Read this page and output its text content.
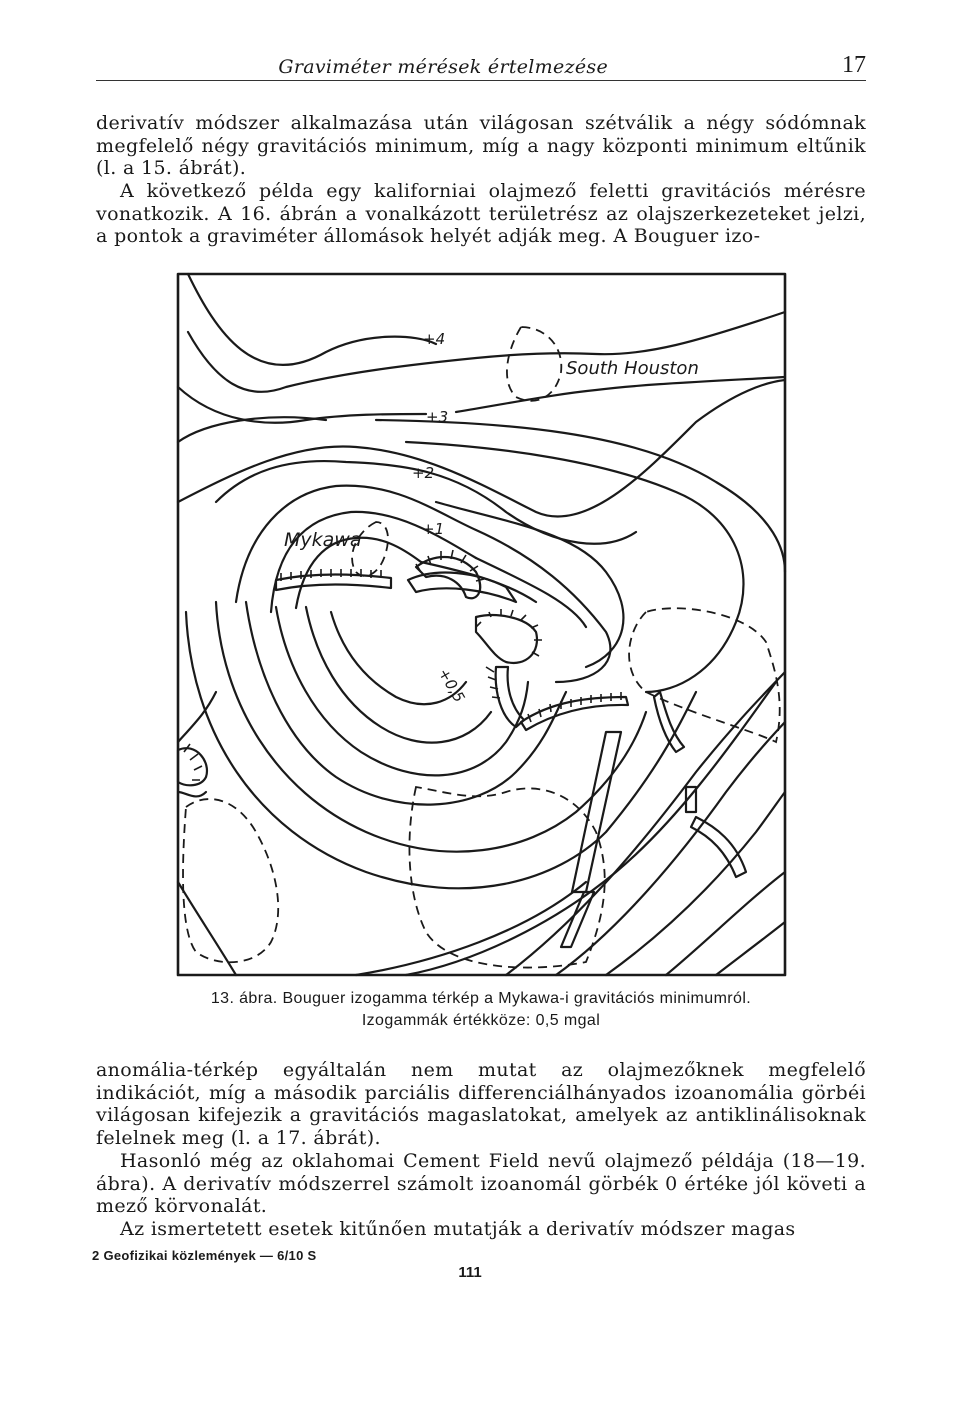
Graviméter mérések értelmezése	17

derivatív módszer alkalmazása után világosan szétválik a négy sódómnak megfelelő négy gravitációs minimum, míg a nagy központi minimum eltűnik (l. a 15. ábrát).

A következő példa egy kaliforniai olajmező feletti gravitációs mérésre vonatkozik. A 16. ábrán a vonalkázott területrész az olajszerkezeteket jelzi, a pontok a graviméter állomások helyét adják meg. A Bouguer izo-

South Houston
Mykawa
+4
+3
+2
+1
+0,5
13. ábra. Bouguer izogamma térkép a Mykawa-i gravitációs minimumról.
Izogammák értékköze: 0,5 mgal

anomália-térkép egyáltalán nem mutat az olajmezőknek megfelelő indikációt, míg a második parciális differenciálhányados izoanomália görbéi világosan kifejezik a gravitációs magaslatokat, amelyek az antiklinálisoknak felelnek meg (l. a 17. ábrát).

Hasonló még az oklahomai Cement Field nevű olajmező példája (18—19. ábra). A derivatív módszerrel számolt izoanomál görbék 0 értéke jól követi a mező körvonalát.

Az ismertetett esetek kitűnően mutatják a derivatív módszer magas

2 Geofizikai közlemények — 6/10 S
111
